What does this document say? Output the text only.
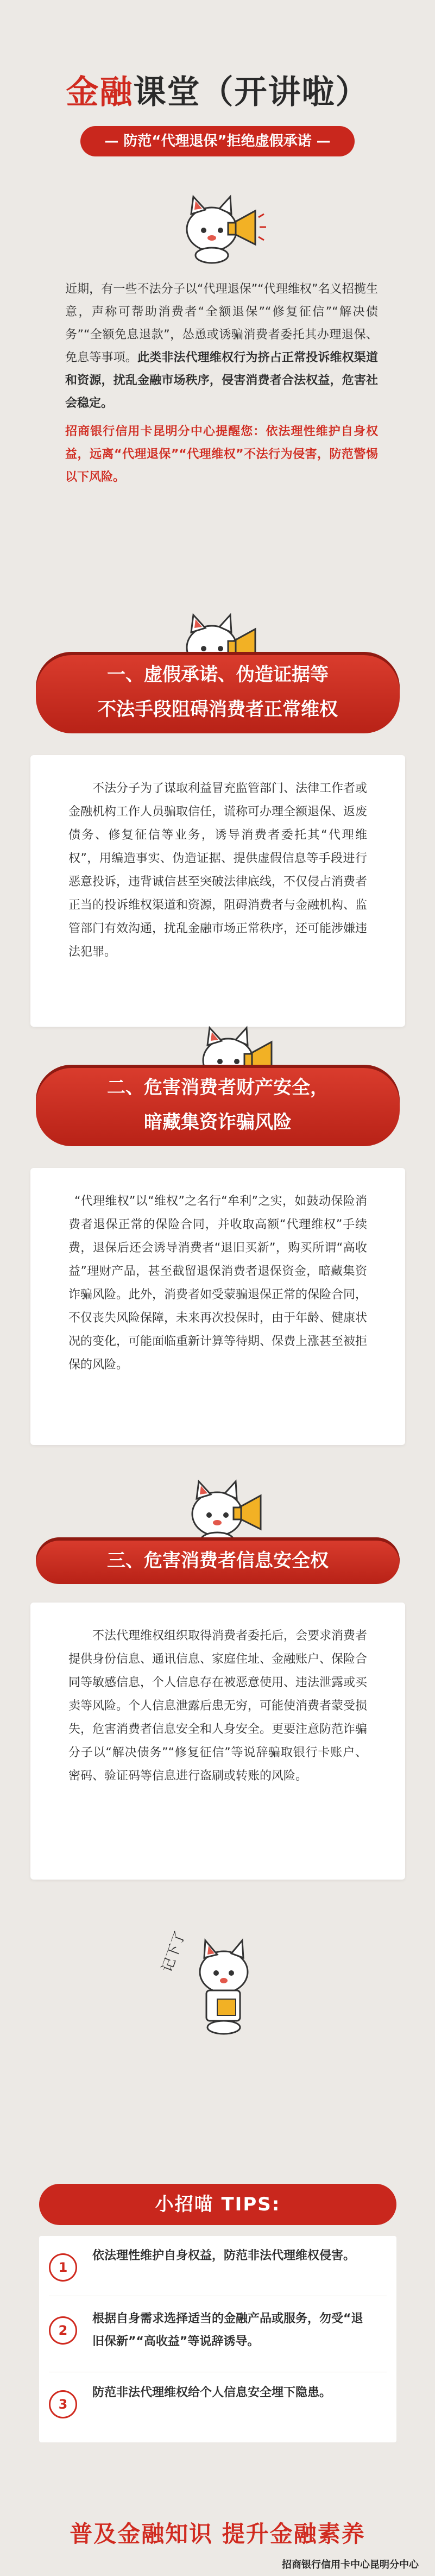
金融课堂（开讲啦）
— 防范“代理退保”拒绝虚假承诺 —
近期，有一些不法分子以“代理退保”“代理维权”名义招揽生意，声称可帮助消费者“全额退保”“修复征信”“解决债务”“全额免息退款”，怂恿或诱骗消费者委托其办理退保、免息等事项。此类非法代理维权行为挤占正常投诉维权渠道和资源，扰乱金融市场秩序，侵害消费者合法权益，危害社会稳定。
招商银行信用卡昆明分中心提醒您：依法理性维护自身权益，远离“代理退保”“代理维权”不法行为侵害，防范警惕以下风险。
一、虚假承诺、伪造证据等
不法手段阻碍消费者正常维权

不法分子为了谋取利益冒充监管部门、法律工作者或金融机构工作人员骗取信任，谎称可办理全额退保、返废债务、修复征信等业务，诱导消费者委托其“代理维权”，用编造事实、伪造证据、提供虚假信息等手段进行恶意投诉，违背诚信甚至突破法律底线，不仅侵占消费者正当的投诉维权渠道和资源，阻碍消费者与金融机构、监管部门有效沟通，扰乱金融市场正常秩序，还可能涉嫌违法犯罪。

二、危害消费者财产安全，
暗藏集资诈骗风险

“代理维权”以“维权”之名行“牟利”之实，如鼓动保险消费者退保正常的保险合同，并收取高额“代理维权”手续费，退保后还会诱导消费者“退旧买新”，购买所谓“高收益”理财产品，甚至截留退保消费者退保资金，暗藏集资诈骗风险。此外，消费者如受蒙骗退保正常的保险合同，不仅丧失风险保障，未来再次投保时，由于年龄、健康状况的变化，可能面临重新计算等待期、保费上涨甚至被拒保的风险。

三、危害消费者信息安全权

不法代理维权组织取得消费者委托后，会要求消费者提供身份信息、通讯信息、家庭住址、金融账户、保险合同等敏感信息，个人信息存在被恶意使用、违法泄露或买卖等风险。个人信息泄露后患无穷，可能使消费者蒙受损失，危害消费者信息安全和人身安全。更要注意防范诈骗分子以“解决债务”“修复征信”等说辞骗取银行卡账户、密码、验证码等信息进行盗刷或转账的风险。

记下了
小招喵 TIPS:
1
依法理性维护自身权益，防范非法代理维权侵害。
2
根据自身需求选择适当的金融产品或服务，勿受“退旧保新”“高收益”等说辞诱导。
3
防范非法代理维权给个人信息安全埋下隐患。
普及金融知识 提升金融素养
招商银行信用卡中心昆明分中心
